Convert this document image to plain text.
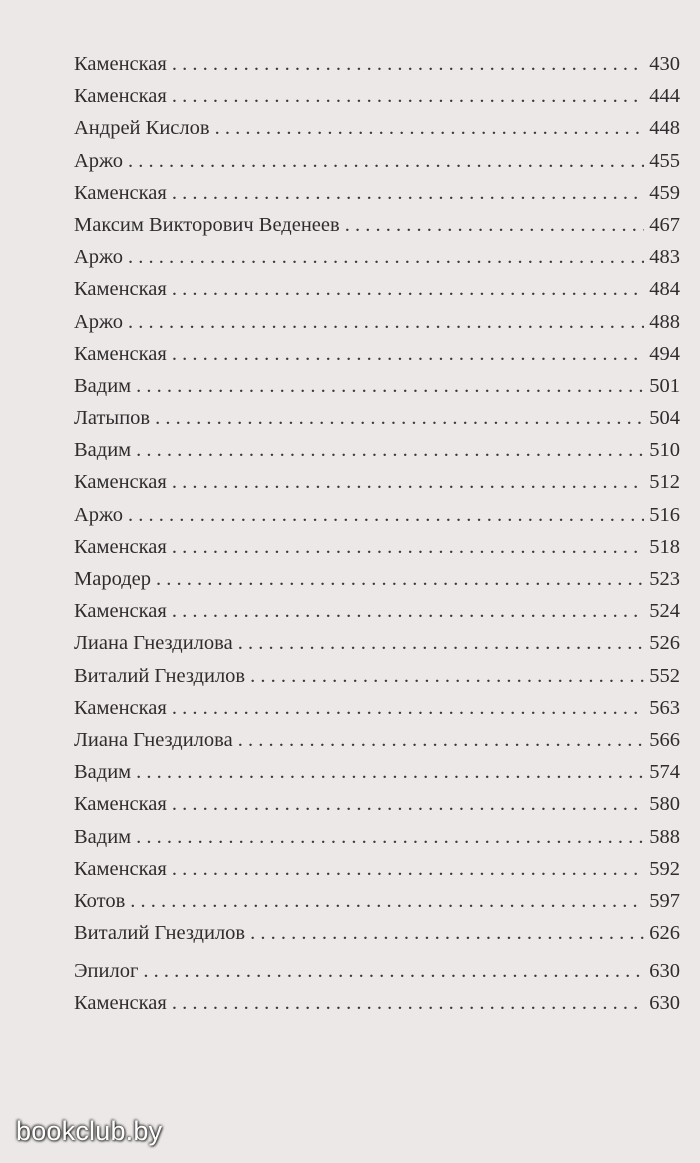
Каменская . . .	430
Каменская . . .	444
Андрей Кислов . . .	448
Аржо . . .	455
Каменская . . .	459
Максим Викторович Веденеев . . .	467
Аржо . . .	483
Каменская . . .	484
Аржо . . .	488
Каменская . . .	494
Вадим . . .	501
Латыпов . . .	504
Вадим . . .	510
Каменская . . .	512
Аржо . . .	516
Каменская . . .	518
Мародер . . .	523
Каменская . . .	524
Лиана Гнездилова . . .	526
Виталий Гнездилов . . .	552
Каменская . . .	563
Лиана Гнездилова . . .	566
Вадим . . .	574
Каменская . . .	580
Вадим . . .	588
Каменская . . .	592
Котов . . .	597
Виталий Гнездилов . . .	626
Эпилог . . .	630
Каменская . . .	630
bookclub.by
